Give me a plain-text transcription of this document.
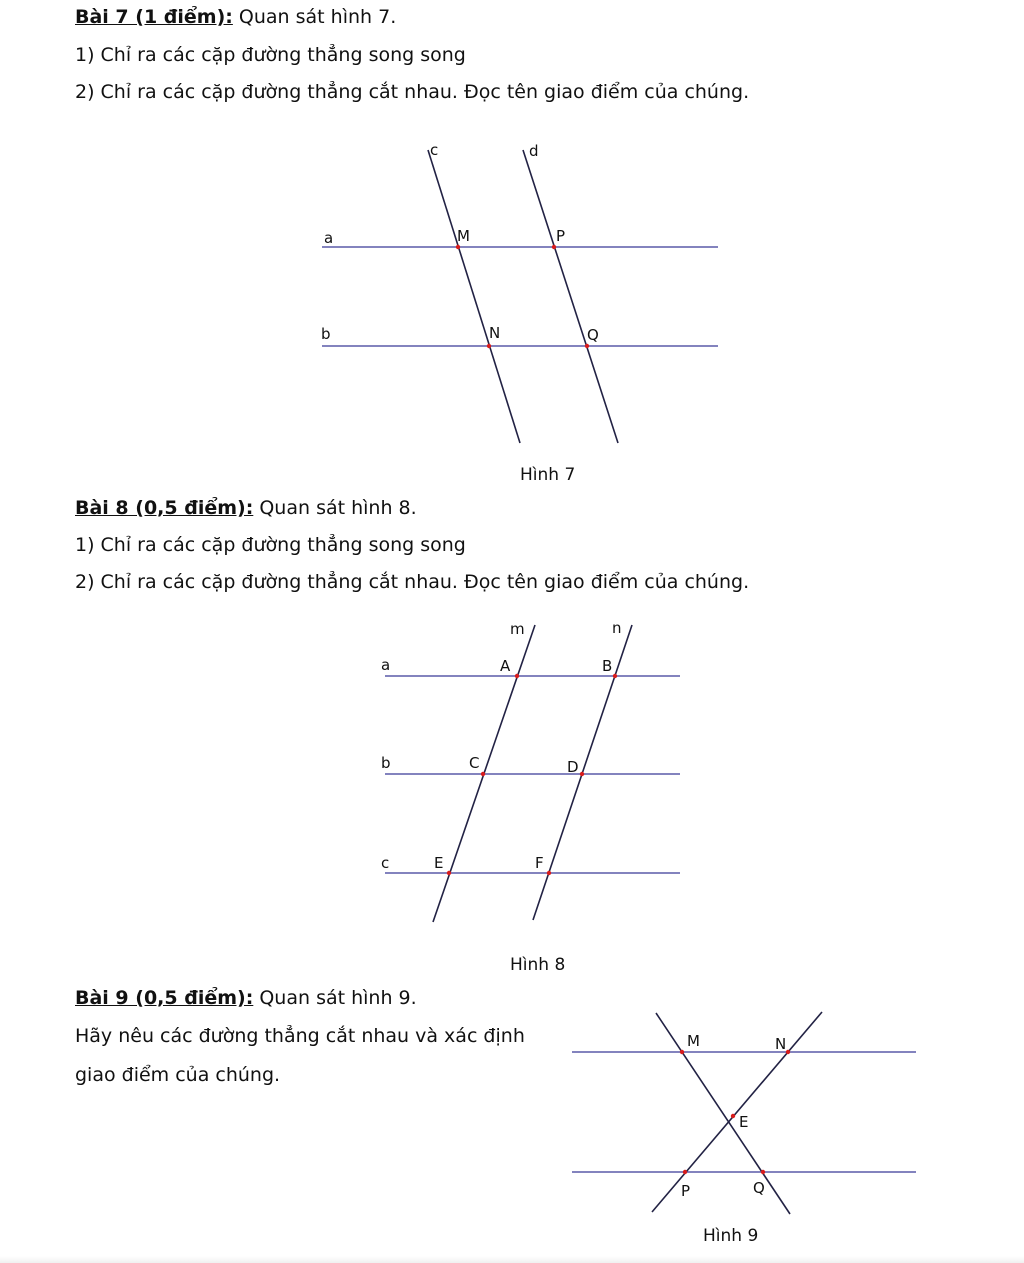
Bài 7 (1 điểm): Quan sát hình 7.
1) Chỉ ra các cặp đường thẳng song song
2) Chỉ ra các cặp đường thẳng cắt nhau. Đọc tên giao điểm của chúng.
c	d
a
b
M	P
N	Q
Hình 7
Bài 8 (0,5 điểm): Quan sát hình 8.
1) Chỉ ra các cặp đường thẳng song song
2) Chỉ ra các cặp đường thẳng cắt nhau. Đọc tên giao điểm của chúng.
m	n
a
b
c
A	B
C	D
E	F
Hình 8
Bài 9 (0,5 điểm): Quan sát hình 9.
Hãy nêu các đường thẳng cắt nhau và xác định
giao điểm của chúng.
M	N
E
P	Q
Hình 9
